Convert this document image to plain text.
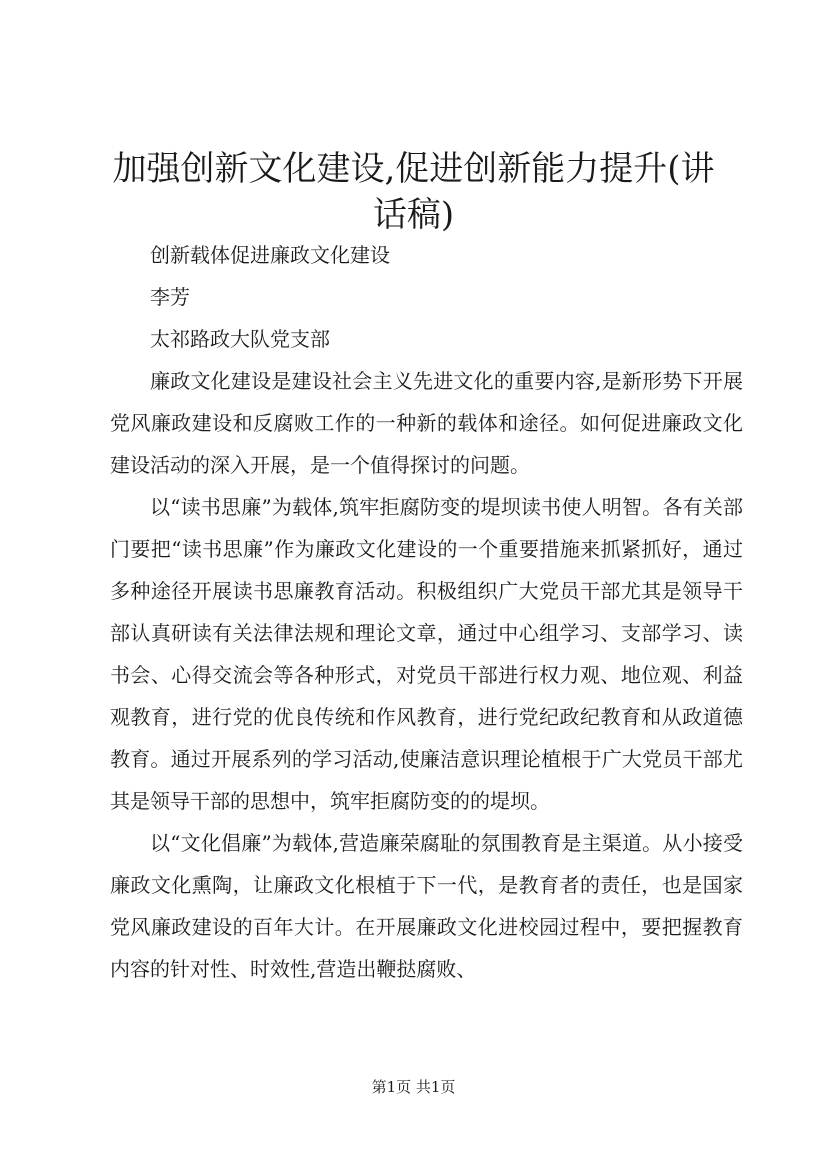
加强创新文化建设,促进创新能力提升(讲话稿)

创新载体促进廉政文化建设

李芳

太祁路政大队党支部

廉政文化建设是建设社会主义先进文化的重要内容,是新形势下开展党风廉政建设和反腐败工作的一种新的载体和途径。如何促进廉政文化建设活动的深入开展，是一个值得探讨的问题。

以“读书思廉”为载体,筑牢拒腐防变的堤坝读书使人明智。各有关部门要把“读书思廉”作为廉政文化建设的一个重要措施来抓紧抓好，通过多种途径开展读书思廉教育活动。积极组织广大党员干部尤其是领导干部认真研读有关法律法规和理论文章，通过中心组学习、支部学习、读书会、心得交流会等各种形式，对党员干部进行权力观、地位观、利益观教育，进行党的优良传统和作风教育，进行党纪政纪教育和从政道德教育。通过开展系列的学习活动,使廉洁意识理论植根于广大党员干部尤其是领导干部的思想中，筑牢拒腐防变的的堤坝。

以“文化倡廉”为载体,营造廉荣腐耻的氛围教育是主渠道。从小接受廉政文化熏陶，让廉政文化根植于下一代，是教育者的责任，也是国家党风廉政建设的百年大计。在开展廉政文化进校园过程中，要把握教育内容的针对性、时效性,营造出鞭挞腐败、

第1页 共1页
